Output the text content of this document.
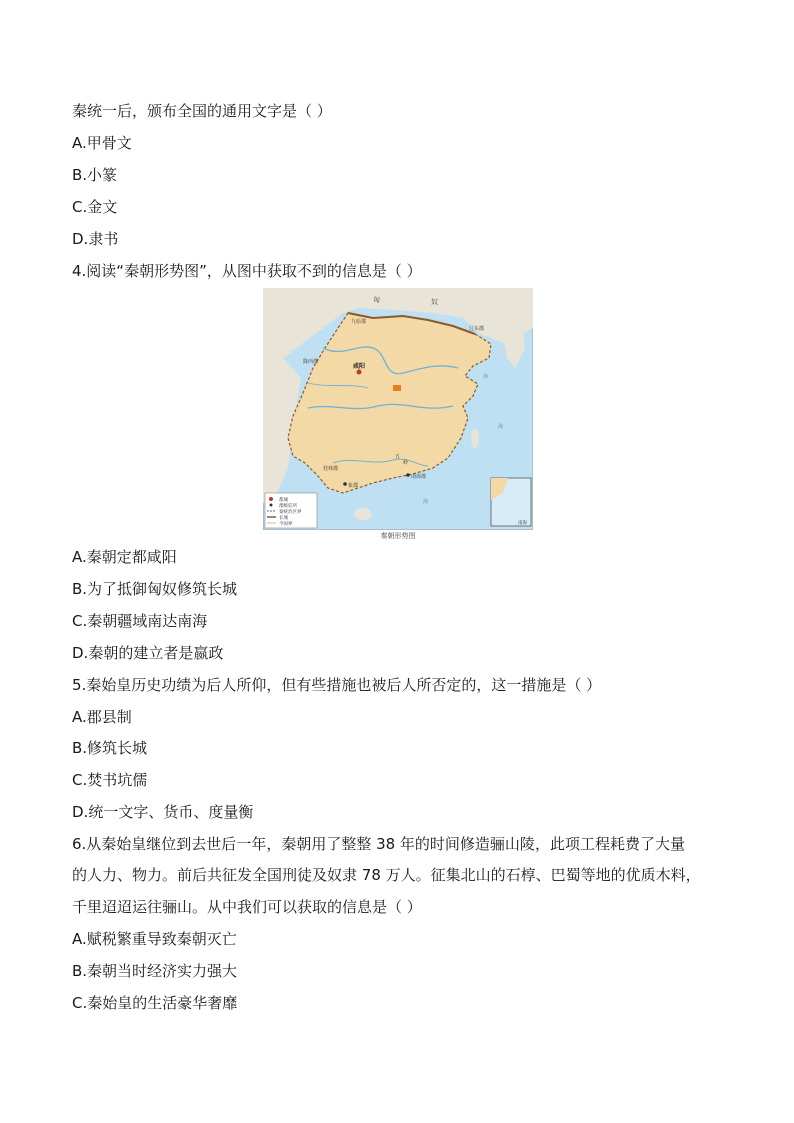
秦统一后，颁布全国的通用文字是（ ）
A.甲骨文
B.小篆
C.金文
D.隶书
4.阅读“秦朝形势图”，从图中获取不到的信息是（ ）
都城
郡级驻所
秦统治区界
长城
今国界
匈	奴
九原郡
辽东郡
陇西郡
咸阳
桂林郡
象郡
南海郡
五
岭
海
海
海
南海
秦朝形势图
A.秦朝定都咸阳
B.为了抵御匈奴修筑长城
C.秦朝疆域南达南海
D.秦朝的建立者是嬴政
5.秦始皇历史功绩为后人所仰，但有些措施也被后人所否定的，这一措施是（ ）
A.郡县制
B.修筑长城
C.焚书坑儒
D.统一文字、货币、度量衡
6.从秦始皇继位到去世后一年，秦朝用了整整 38 年的时间修造骊山陵，此项工程耗费了大量
的人力、物力。前后共征发全国刑徒及奴隶 78 万人。征集北山的石椁、巴蜀等地的优质木料，
千里迢迢运往骊山。从中我们可以获取的信息是（ ）
A.赋税繁重导致秦朝灭亡
B.秦朝当时经济实力强大
C.秦始皇的生活豪华奢靡
